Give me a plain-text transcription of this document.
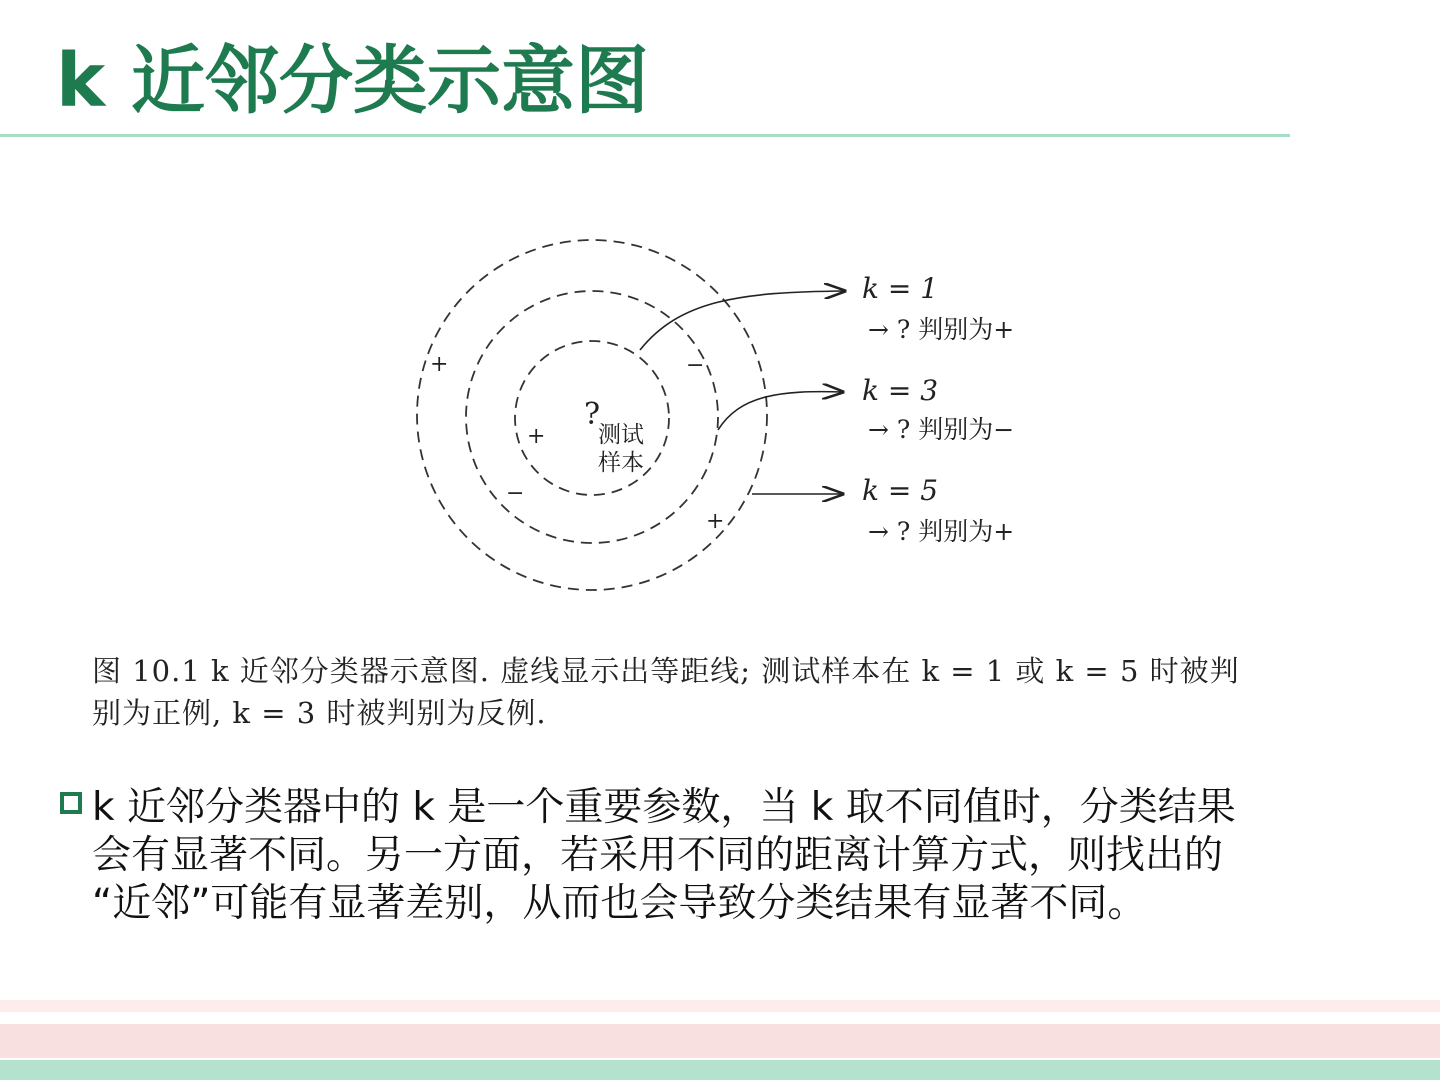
k 近邻分类示意图
?
测试
样本
+
+
−
+
−
k = 1
→ ? 判别为+
k = 3
→ ? 判别为−
k = 5
→ ? 判别为+

图 10.1 k 近邻分类器示意图. 虚线显示出等距线; 测试样本在 k = 1 或 k = 5 时被判

别为正例, k = 3 时被判别为反例.

k 近邻分类器中的 k 是一个重要参数，当 k 取不同值时，分类结果

会有显著不同。另一方面，若采用不同的距离计算方式，则找出的

“近邻”可能有显著差别，从而也会导致分类结果有显著不同。
